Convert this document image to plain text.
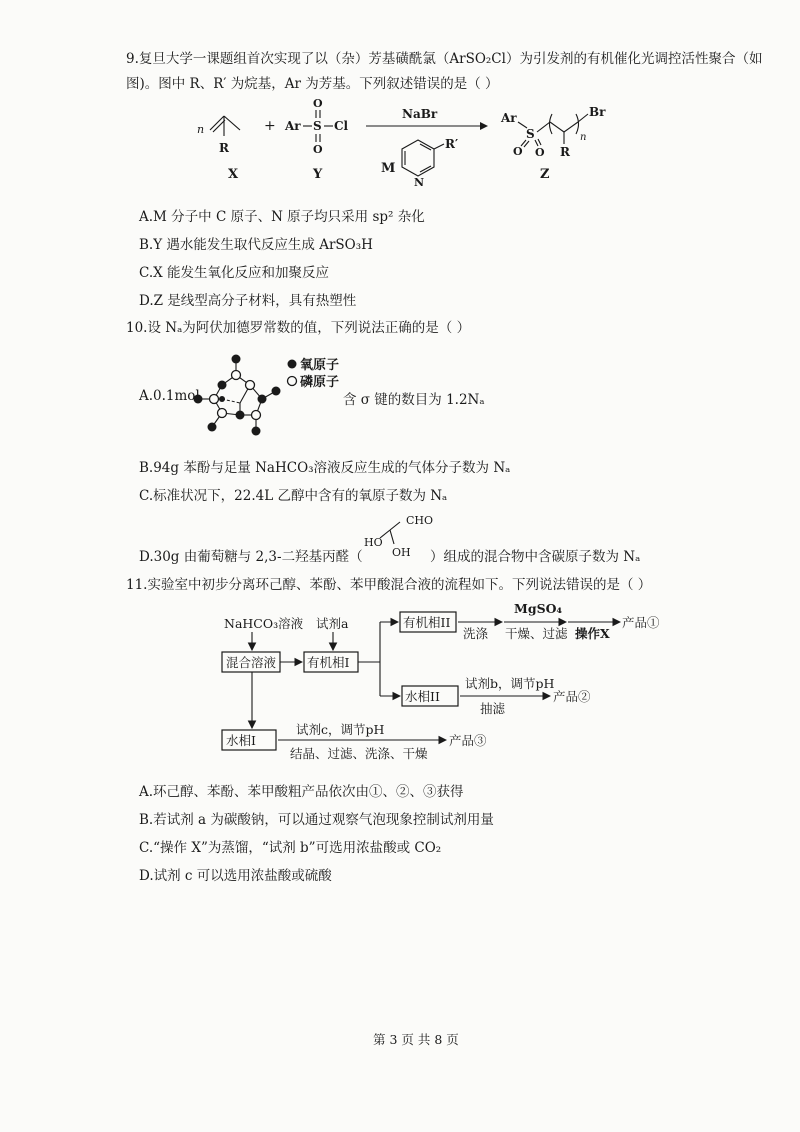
9.复旦大学一课题组首次实现了以（杂）芳基磺酰氯（ArSO₂Cl）为引发剂的有机催化光调控活性聚合（如
图)。图中 R、R′ 为烷基，Ar 为芳基。下列叙述错误的是（ ）
n
R
X
+ Ar S Cl
O
O
Y
NaBr
M
N
R′
Ar
S
O O R
n
Br
Z
A.M 分子中 C 原子、N 原子均只采用 sp² 杂化
B.Y 遇水能发生取代反应生成 ArSO₃H
C.X 能发生氧化反应和加聚反应
D.Z 是线型高分子材料，具有热塑性
10.设 Nₐ为阿伏加德罗常数的值，下列说法正确的是（ ）
氧原子
磷原子
A.0.1mol	含 σ 键的数目为 1.2Nₐ
B.94g 苯酚与足量 NaHCO₃溶液反应生成的气体分子数为 Nₐ
C.标准状况下，22.4L 乙醇中含有的氧原子数为 Nₐ
CHO
HO
OH
D.30g 由葡萄糖与 2,3-二羟基丙醛（	）组成的混合物中含碳原子数为 Nₐ
11.实验室中初步分离环己醇、苯酚、苯甲酸混合液的流程如下。下列说法错误的是（ ）
NaHCO₃溶液 试剂a
混合溶液 有机相I
有机相II
洗涤
MgSO₄
干燥、过滤 操作X
产品①
水相II
试剂b，调节pH
抽滤
产品②
水相I
试剂c，调节pH
结晶、过滤、洗涤、干燥
产品③
A.环己醇、苯酚、苯甲酸粗产品依次由①、②、③获得
B.若试剂 a 为碳酸钠，可以通过观察气泡现象控制试剂用量
C.“操作 X”为蒸馏，“试剂 b”可选用浓盐酸或 CO₂
D.试剂 c 可以选用浓盐酸或硫酸
第 3 页 共 8 页
